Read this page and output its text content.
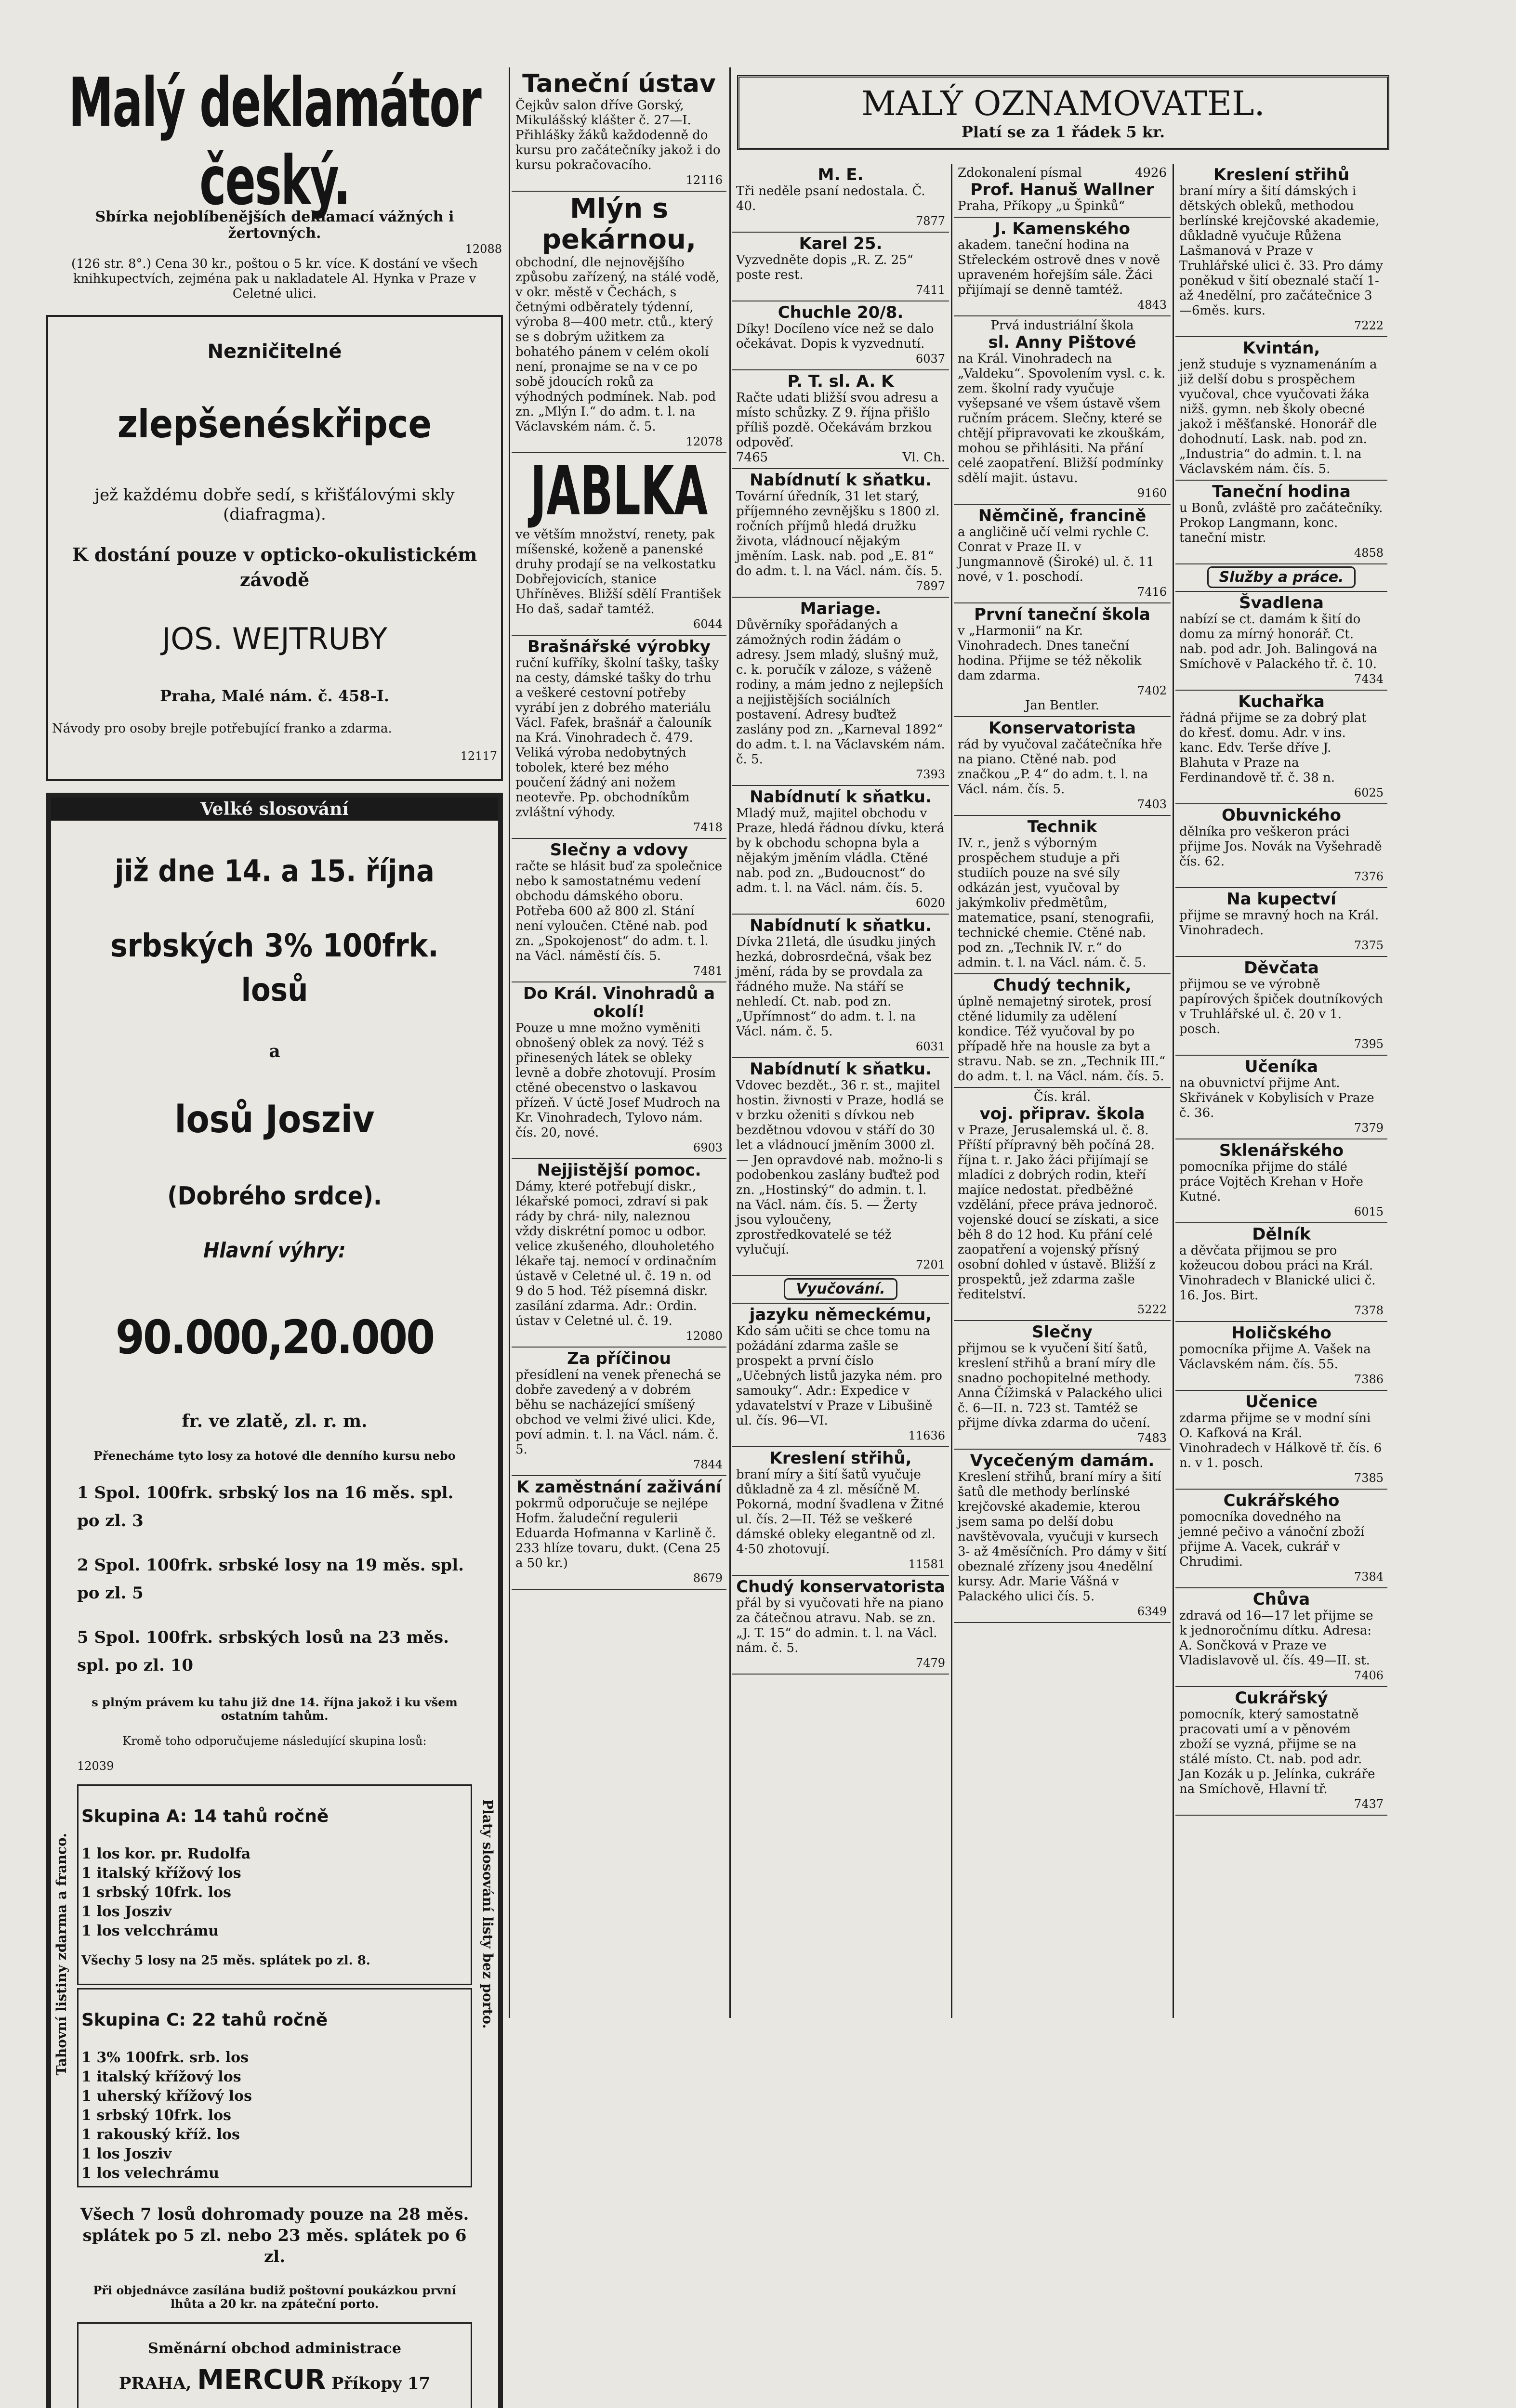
Malý deklamátor český.

Sbírka nejoblíbenějších deklamací vážných i žertovných.

12088

(126 str. 8°.) Cena 30 kr., poštou o 5 kr. více. K dostání ve všech knihkupectvích, zejména pak u nakladatele Al. Hynka v Praze v Celetné ulici.

Nezničitelné

zlepšenéskřipce

jež každému dobře sedí, s křišťálovými skly (diafragma).

K dostání pouze v opticko-okulistickém závodě

JOS. WEJTRUBY

Praha, Malé nám. č. 458-I.

Návody pro osoby brejle potřebující franko a zdarma.

12117

Velké slosování

již dne 14. a 15. října

srbských 3% 100frk. losů

a

losů Josziv

(Dobrého srdce).

Hlavní výhry:

90.000,20.000

fr. ve zlatě, zl. r. m.

Přenecháme tyto losy za hotové dle denního kursu nebo

1 Spol. 100frk. srbský los na 16 měs. spl. po zl. 3

2 Spol. 100frk. srbské losy na 19 měs. spl. po zl. 5

5 Spol. 100frk. srbských losů na 23 měs. spl. po zl. 10

s plným právem ku tahu již dne 14. října jakož i ku všem ostatním tahům.

Kromě toho odporučujeme následující skupina losů:

12039

Skupina A: 14 tahů ročně

1 los kor. pr. Rudolfa
1 italský křížový los
1 srbský 10frk. los
1 los Josziv
1 los velcchrámu

Všechy 5 losy na 25 měs. splátek po zl. 8.

Skupina C: 22 tahů ročně

1 3% 100frk. srb. los
1 italský křížový los
1 uherský křížový los
1 srbský 10frk. los
1 rakouský kříž. los
1 los Josziv
1 los velechrámu

Všech 7 losů dohromady pouze na 28 měs. splátek po 5 zl. nebo 23 měs. splátek po 6 zl.

Při objednávce zasílána budiž poštovní poukázkou první lhůta a 20 kr. na zpáteční porto.

Směnární obchod administrace

PRAHA, MERCUR Příkopy 17

Tahovní listiny zdarma a franco.	Platy slosování listy bez porto.

Taneční ústav

Čejkův salon dříve Gorský, Mikulášský klášter č. 27—I. Přihlášky žáků každodenně do kursu pro začátečníky jakož i do kursu pokračovacího.

12116

Mlýn s pekárnou,

obchodní, dle nejnovějšího způsobu zařízený, na stálé vodě, v okr. městě v Čechách, s četnými odběrately týdenní, výroba 8—400 metr. ctů., který se s dobrým užitkem za bohatého pánem v celém okolí není, pronajme se na v ce po sobě jdoucích roků za výhodných podmínek. Nab. pod zn. „Mlýn I.“ do adm. t. l. na Václavském nám. č. 5.

12078

JABLKA

ve větším množství, renety, pak míšenské, koženě a panenské druhy prodají se na velkostatku Dobřejovicích, stanice Uhříněves. Bližší sdělí František Ho daš, sadař tamtéž.

6044

Brašnářské výrobky

ruční kufříky, školní tašky, tašky na cesty, dámské tašky do trhu a veškeré cestovní potřeby vyrábí jen z dobrého materiálu Václ. Fafek, brašnář a čalouník na Krá. Vinohradech č. 479. Veliká výroba nedobytných tobolek, které bez mého poučení žádný ani nožem neotevře. Pp. obchodníkům zvláštní výhody.

7418

Slečny a vdovy

račte se hlásit buď za společnice nebo k samostatnému vedení obchodu dámského oboru. Potřeba 600 až 800 zl. Stání není vyloučen. Ctěné nab. pod zn. „Spokojenost“ do adm. t. l. na Václ. náměstí čís. 5.

7481

Do Král. Vinohradů a okolí!

Pouze u mne možno vyměniti obnošený oblek za nový. Též s přinesených látek se obleky levně a dobře zhotovují. Prosím ctěné obecenstvo o laskavou přízeň. V úctě Josef Mudroch na Kr. Vinohradech, Tylovo nám. čís. 20, nové.

6903

Nejjistější pomoc.

Dámy, které potřebují diskr., lékařské pomoci, zdraví si pak rády by chrá- nily, naleznou vždy diskrétní pomoc u odbor. velice zkušeného, dlouholetého lékaře taj. nemocí v ordinačním ústavě v Celetné ul. č. 19 n. od 9 do 5 hod. Též písemná diskr. zasílání zdarma. Adr.: Ordin. ústav v Celetné ul. č. 19.

12080

Za příčinou

přesídlení na venek přenechá se dobře zavedený a v dobrém běhu se nacházející smíšený obchod ve velmi živé ulici. Kde, poví admin. t. l. na Václ. nám. č. 5.

7844

K zaměstnání zaživání

pokrmů odporučuje se nejlépe Hofm. žaludeční regulerii Eduarda Hofmanna v Karlině č. 233 hlíze tovaru, dukt. (Cena 25 a 50 kr.)

8679

MALÝ OZNAMOVATEL.
Platí se za 1 řádek 5 kr.

M. E.

Tři neděle psaní nedostala. Č. 40.

7877

Karel 25.

Vyzvedněte dopis „R. Z. 25“ poste rest.

7411

Chuchle 20/8.

Díky! Docíleno více než se dalo očekávat. Dopis k vyzvednutí.

6037

P. T. sl. A. K

Račte udati bližší svou adresu a místo schůzky. Z 9. října přišlo příliš pozdě. Očekávám brzkou odpověď.

7465	Vl. Ch.

Nabídnutí k sňatku.

Tovární úředník, 31 let starý, příjemného zevnějšku s 1800 zl. ročních příjmů hledá družku života, vládnoucí nějakým jměním. Lask. nab. pod „E. 81“ do adm. t. l. na Václ. nám. čís. 5.

7897

Mariage.

Důvěrníky spořádaných a zámožných rodin žádám o adresy. Jsem mladý, slušný muž, c. k. poručík v záloze, s váženě rodiny, a mám jedno z nejlepších a nejjistějších sociálních postavení. Adresy buďtež zaslány pod zn. „Karneval 1892“ do adm. t. l. na Václavském nám. č. 5.

7393

Nabídnutí k sňatku.

Mladý muž, majitel obchodu v Praze, hledá řádnou dívku, která by k obchodu schopna byla a nějakým jměním vládla. Ctěné nab. pod zn. „Budoucnost“ do adm. t. l. na Václ. nám. čís. 5.

6020

Nabídnutí k sňatku.

Dívka 21letá, dle úsudku jiných hezká, dobrosrdečná, však bez jmění, ráda by se provdala za řádného muže. Na stáří se nehledí. Ct. nab. pod zn. „Upřímnost“ do adm. t. l. na Václ. nám. č. 5.

6031

Nabídnutí k sňatku.

Vdovec bezdět., 36 r. st., majitel hostin. živnosti v Praze, hodlá se v brzku oženiti s dívkou neb bezdětnou vdovou v stáří do 30 let a vládnoucí jměním 3000 zl. — Jen opravdové nab. možno-li s podobenkou zaslány buďtež pod zn. „Hostinský“ do admin. t. l. na Václ. nám. čís. 5. — Žerty jsou vyloučeny, zprostředkovatelé se též vylučují.

7201

Vyučování.

jazyku německému,

Kdo sám učiti se chce tomu na požádání zdarma zašle se prospekt a první číslo „Učebných listů jazyka ném. pro samouky“. Adr.: Expedice v ydavatelství v Praze v Libušině ul. čís. 96—VI.

11636

Kreslení střihů,

braní míry a šití šatů vyučuje důkladně za 4 zl. měsíčně M. Pokorná, modní švadlena v Žitné ul. čís. 2—II. Též se veškeré dámské obleky elegantně od zl. 4·50 zhotovují.

11581

Chudý konservatorista

přál by si vyučovati hře na piano za čátečnou atravu. Nab. se zn. „J. T. 15“ do admin. t. l. na Václ. nám. č. 5.

7479

Zdokonalení písmal	4926

Prof. Hanuš Wallner

Praha, Příkopy „u Špinků“

J. Kamenského

akadem. taneční hodina na Střeleckém ostrově dnes v nově upraveném hořejším sále. Žáci přijímají se denně tamtéž.

4843

Prvá industriální škola

sl. Anny Pištové

na Král. Vinohradech na „Valdeku“. Spovolením vysl. c. k. zem. školní rady vyučuje vyšepsané ve všem ústavě všem ručním prácem. Slečny, které se chtějí připravovati ke zkouškám, mohou se přihlásiti. Na přání celé zaopatření. Bližší podmínky sdělí majit. ústavu.

9160

Němčině, francině

a angličině učí velmi rychle C. Conrat v Praze II. v Jungmannově (Široké) ul. č. 11 nové, v 1. poschodí.

7416

První taneční škola

v „Harmonii“ na Kr. Vinohradech. Dnes taneční hodina. Přijme se též několik dam zdarma.

7402

Jan Bentler.

Konservatorista

rád by vyučoval začátečníka hře na piano. Ctěné nab. pod značkou „P. 4“ do adm. t. l. na Václ. nám. čís. 5.

7403

Technik

IV. r., jenž s výborným prospěchem studuje a při studiích pouze na své síly odkázán jest, vyučoval by jakýmkoliv předmětům, matematice, psaní, stenografii, technické chemie. Ctěné nab. pod zn. „Technik IV. r.“ do admin. t. l. na Václ. nám. č. 5.

Chudý technik,

úplně nemajetný sirotek, prosí ctěné lidumily za udělení kondice. Též vyučoval by po případě hře na housle za byt a stravu. Nab. se zn. „Technik III.“ do adm. t. l. na Václ. nám. čís. 5.

Čís. král.

voj. připrav. škola

v Praze, Jerusalemská ul. č. 8. Příští přípravný běh počíná 28. října t. r. Jako žáci přijímají se mladíci z dobrých rodin, kteří majíce nedostat. předběžné vzdělání, přece práva jednoroč. vojenské doucí se získati, a sice běh 8 do 12 hod. Ku přání celé zaopatření a vojenský přísný osobní dohled v ústavě. Bližší z prospektů, jež zdarma zašle ředitelství.

5222

Slečny

přijmou se k vyučení šití šatů, kreslení střihů a braní míry dle snadno pochopitelné methody. Anna Čížimská v Palackého ulici č. 6—II. n. 723 st. Tamtéž se přijme dívka zdarma do učení.

7483

Vycečeným damám.

Kreslení střihů, braní míry a šití šatů dle methody berlínské krejčovské akademie, kterou jsem sama po delší dobu navštěvovala, vyučuji v kursech 3- až 4měsíčních. Pro dámy v šití obeznalé zřízeny jsou 4nedělní kursy. Adr. Marie Vášná v Palackého ulici čís. 5.

6349

Kreslení střihů

braní míry a šití dámských i dětských obleků, methodou berlínské krejčovské akademie, důkladně vyučuje Růžena Lašmanová v Praze v Truhlářské ulici č. 33. Pro dámy poněkud v šití obeznalé stačí 1- až 4nedělní, pro začátečnice 3—6měs. kurs.

7222

Kvintán,

jenž studuje s vyznamenáním a již delší dobu s prospěchem vyučoval, chce vyučovati žáka nižš. gymn. neb školy obecné jakož i měšťanské. Honorář dle dohodnutí. Lask. nab. pod zn. „Industria“ do admin. t. l. na Václavském nám. čís. 5.

Taneční hodina

u Bonů, zvláště pro začátečníky. Prokop Langmann, konc. taneční mistr.

4858

Služby a práce.

Švadlena

nabízí se ct. damám k šití do domu za mírný honorář. Ct. nab. pod adr. Joh. Balingová na Smíchově v Palackého tř. č. 10.

7434

Kuchařka

řádná přijme se za dobrý plat do křesť. domu. Adr. v ins. kanc. Edv. Terše dříve J. Blahuta v Praze na Ferdinandově tř. č. 38 n.

6025

Obuvnického

dělníka pro veškeron práci přijme Jos. Novák na Vyšehradě čís. 62.

7376

Na kupectví

přijme se mravný hoch na Král. Vinohradech.

7375

Děvčata

přijmou se ve výrobně papírových špiček doutníkových v Truhlářské ul. č. 20 v 1. posch.

7395

Učeníka

na obuvnictví přijme Ant. Skřivánek v Kobylisích v Praze č. 36.

7379

Sklenářského

pomocníka přijme do stálé práce Vojtěch Krehan v Hoře Kutné.

6015

Dělník

a děvčata přijmou se pro kožeucou dobou práci na Král. Vinohradech v Blanické ulici č. 16. Jos. Birt.

7378

Holičského

pomocníka přijme A. Vašek na Václavském nám. čís. 55.

7386

Učenice

zdarma přijme se v modní síni O. Kafková na Král. Vinohradech v Hálkově tř. čís. 6 n. v 1. posch.

7385

Cukrářského

pomocníka dovedného na jemné pečivo a vánoční zboží přijme A. Vacek, cukrář v Chrudimi.

7384

Chůva

zdravá od 16—17 let přijme se k jednoročnímu dítku. Adresa: A. Sončková v Praze ve Vladislavově ul. čís. 49—II. st.

7406

Cukrářský

pomocník, který samostatně pracovati umí a v pěnovém zboží se vyzná, přijme se na stálé místo. Ct. nab. pod adr. Jan Kozák u p. Jelínka, cukráře na Smíchově, Hlavní tř.

7437
